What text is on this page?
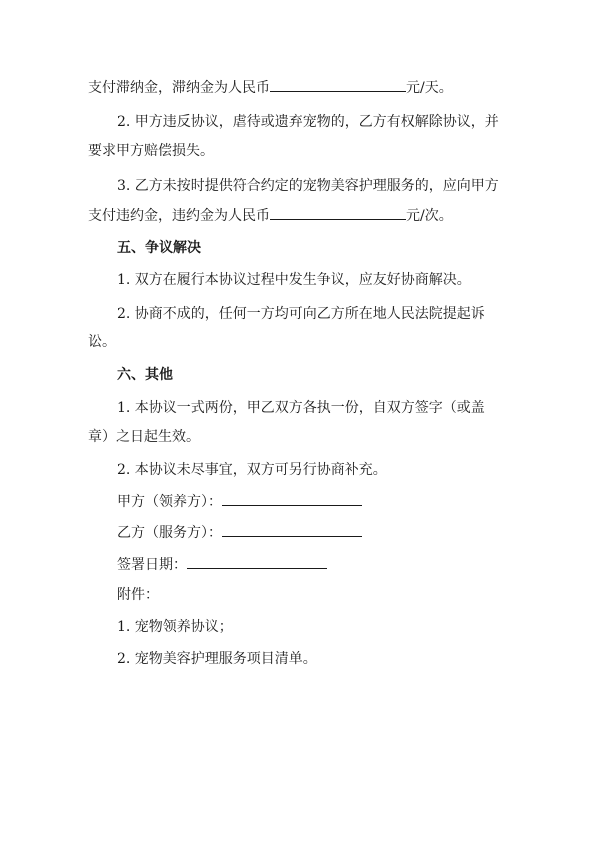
支付滞纳金，滞纳金为人民币	元/天。
2. 甲方违反协议，虐待或遗弃宠物的，乙方有权解除协议，并
要求甲方赔偿损失。
3. 乙方未按时提供符合约定的宠物美容护理服务的，应向甲方
支付违约金，违约金为人民币	元/次。
五、争议解决
1. 双方在履行本协议过程中发生争议，应友好协商解决。
2. 协商不成的，任何一方均可向乙方所在地人民法院提起诉
讼。
六、其他
1. 本协议一式两份，甲乙双方各执一份，自双方签字（或盖
章）之日起生效。
2. 本协议未尽事宜，双方可另行协商补充。
甲方（领养方）：
乙方（服务方）：
签署日期：
附件：
1. 宠物领养协议；
2. 宠物美容护理服务项目清单。
